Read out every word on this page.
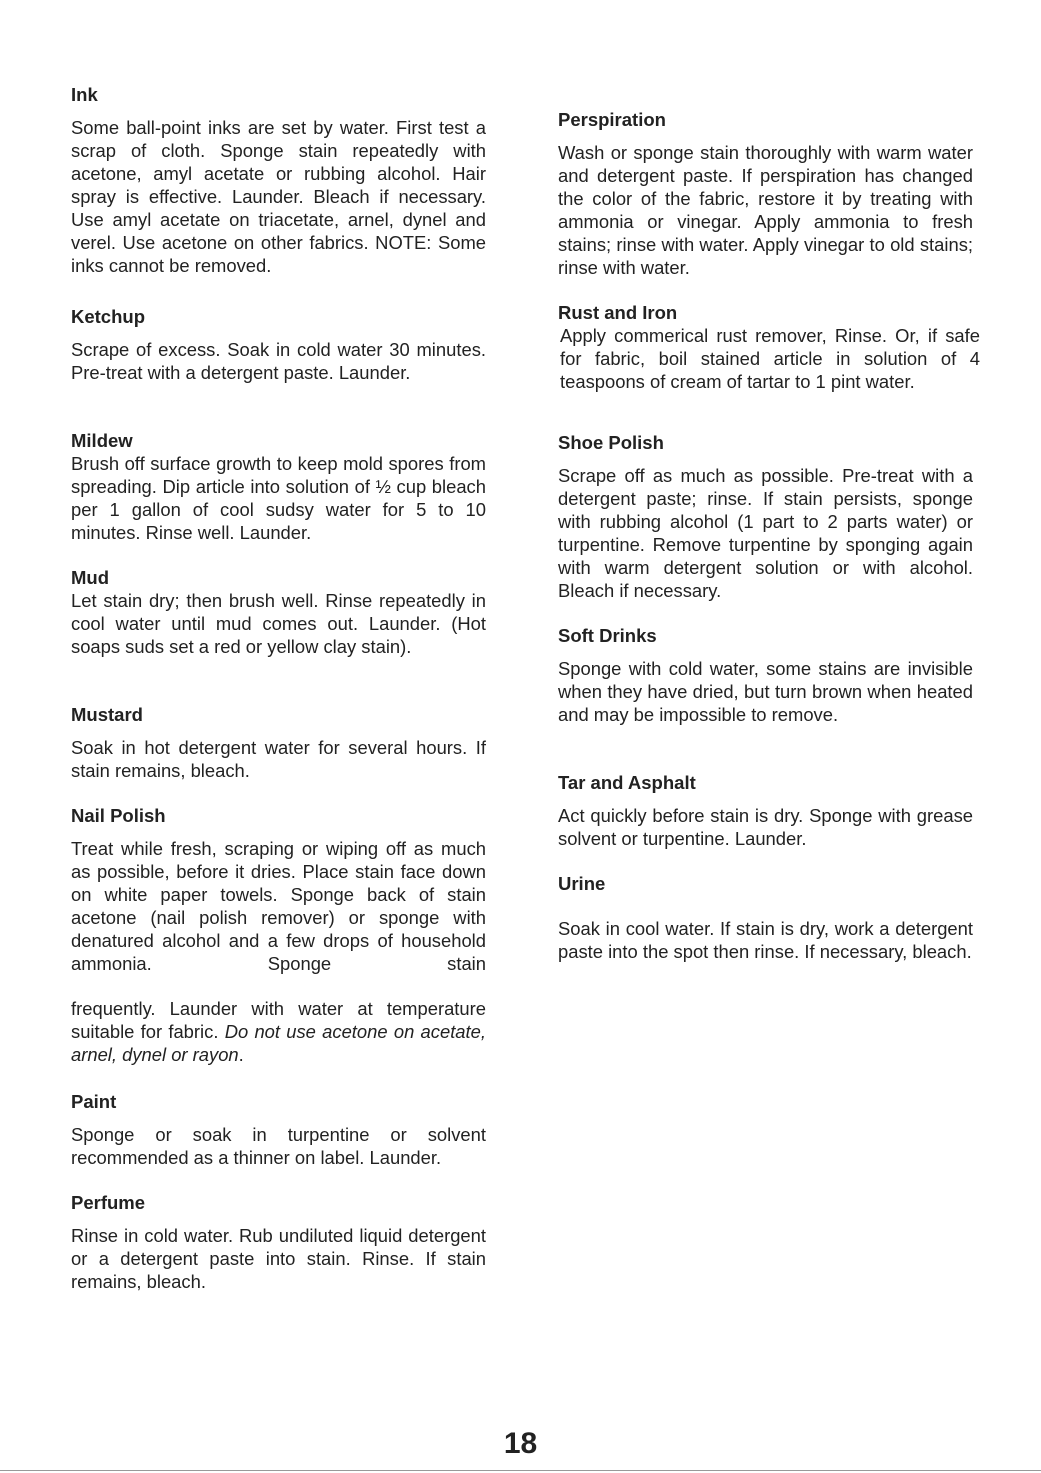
Ink

Some ball-point inks are set by water. First test a scrap of cloth. Sponge stain repeatedly with acetone, amyl acetate or rubbing alcohol. Hair spray is effective. Launder. Bleach if necessary. Use amyl acetate on triacetate, arnel, dynel and verel. Use acetone on other fabrics. NOTE: Some inks cannot be removed.

Ketchup

Scrape of excess. Soak in cold water 30 minutes. Pre-treat with a detergent paste. Launder.

Mildew

Brush off surface growth to keep mold spores from spreading. Dip article into solution of ½ cup bleach per 1 gallon of cool sudsy water for 5 to 10 minutes. Rinse well. Launder.

Mud

Let stain dry; then brush well. Rinse repeatedly in cool water until mud comes out. Launder. (Hot soaps suds set a red or yellow clay stain).

Mustard

Soak in hot detergent water for several hours. If stain remains, bleach.

Nail Polish

Treat while fresh, scraping or wiping off as much as possible, before it dries. Place stain face down on white paper towels. Sponge back of stain acetone (nail polish remover) or sponge with denatured alcohol and a few drops of household ammonia. Sponge stain

frequently. Launder with water at temperature suitable for fabric. Do not use acetone on acetate, arnel, dynel or rayon.

Paint

Sponge or soak in turpentine or solvent recommended as a thinner on label. Launder.

Perfume

Rinse in cold water. Rub undiluted liquid detergent or a detergent paste into stain. Rinse. If stain remains, bleach.

Perspiration

Wash or sponge stain thoroughly with warm water and detergent paste. If perspiration has changed the color of the fabric, restore it by treating with ammonia or vinegar. Apply ammonia to fresh stains; rinse with water. Apply vinegar to old stains; rinse with water.

Rust and Iron

Apply commerical rust remover, Rinse. Or, if safe for fabric, boil stained article in solution of 4 teaspoons of cream of tartar to 1 pint water.

Shoe Polish

Scrape off as much as possible. Pre-treat with a detergent paste; rinse. If stain persists, sponge with rubbing alcohol (1 part to 2 parts water) or turpentine. Remove turpentine by sponging again with warm detergent solution or with alcohol. Bleach if necessary.

Soft Drinks

Sponge with cold water, some stains are invisible when they have dried, but turn brown when heated and may be impossible to remove.

Tar and Asphalt

Act quickly before stain is dry. Sponge with grease solvent or turpentine. Launder.

Urine

Soak in cool water. If stain is dry, work a detergent paste into the spot then rinse. If necessary, bleach.

18
